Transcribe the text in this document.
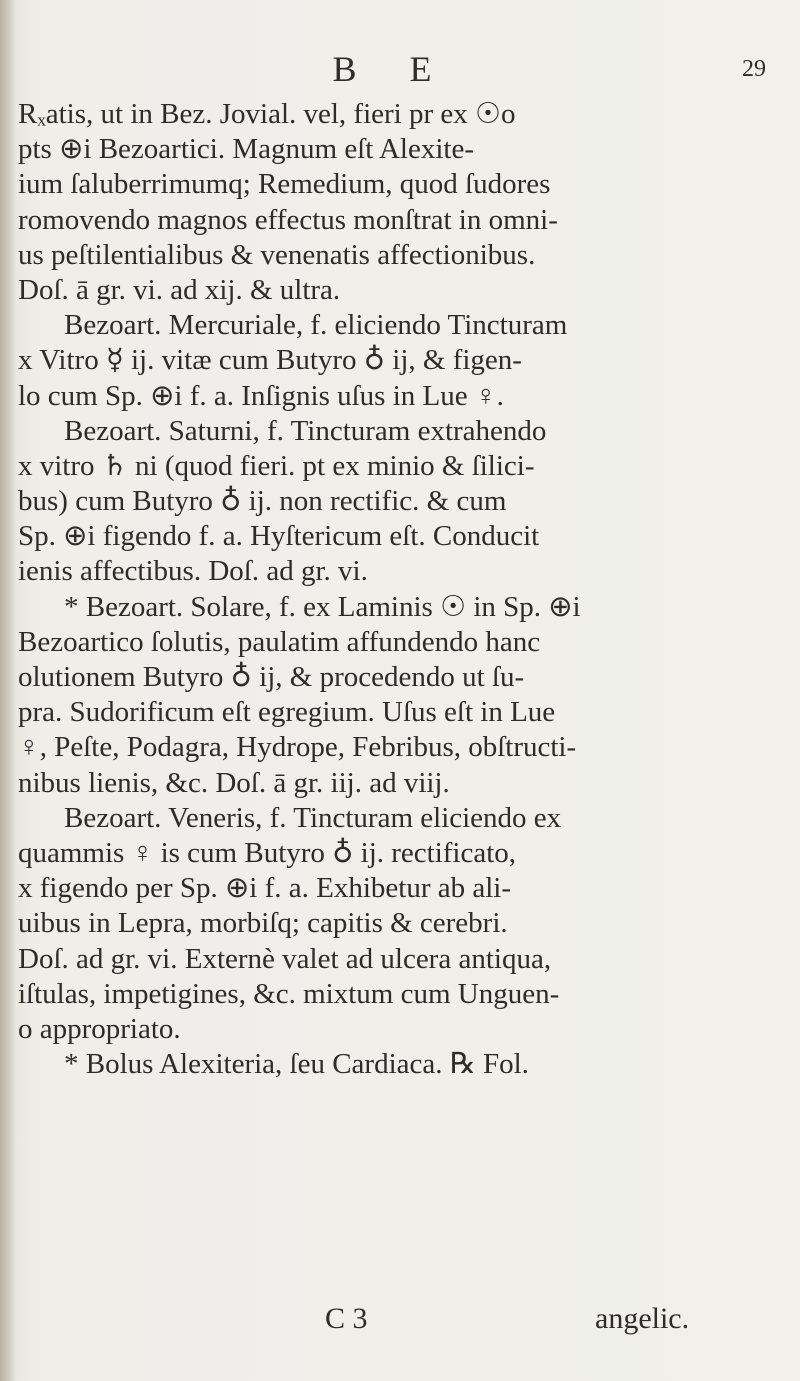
B E	29
Rₓatis, ut in Bez. Jovial. vel, fieri pr ex ☉o
pts ⊕i Bezoartici. Magnum eſt Alexite-
ium ſaluberrimumq; Remedium, quod ſudores
romovendo magnos effectus monſtrat in omni-
us peſtilentialibus & venenatis affectionibus.
Doſ. ā gr. vi. ad xij. & ultra.
Bezoart. Mercuriale, f. eliciendo Tincturam
x Vitro ☿ ij. vitæ cum Butyro ♁ ij, & figen-
lo cum Sp. ⊕i f. a. Inſignis uſus in Lue ♀.
Bezoart. Saturni, f. Tincturam extrahendo
x vitro ♄ ni (quod fieri. pt ex minio & ſilici-
bus) cum Butyro ♁ ij. non rectific. & cum
Sp. ⊕i figendo f. a. Hyſtericum eſt. Conducit
ienis affectibus. Doſ. ad gr. vi.
* Bezoart. Solare, f. ex Laminis ☉ in Sp. ⊕i
Bezoartico ſolutis, paulatim affundendo hanc
olutionem Butyro ♁ ij, & procedendo ut ſu-
pra. Sudorificum eſt egregium. Uſus eſt in Lue
♀, Peſte, Podagra, Hydrope, Febribus, obſtructi-
nibus lienis, &c. Doſ. ā gr. iij. ad viij.
Bezoart. Veneris, f. Tincturam eliciendo ex
quammis ♀ is cum Butyro ♁ ij. rectificato,
x figendo per Sp. ⊕i f. a. Exhibetur ab ali-
uibus in Lepra, morbiſq; capitis & cerebri.
Doſ. ad gr. vi. Externè valet ad ulcera antiqua,
iſtulas, impetigines, &c. mixtum cum Unguen-
o appropriato.
* Bolus Alexiteria, ſeu Cardiaca. ℞ Fol.
C 3	angelic.
